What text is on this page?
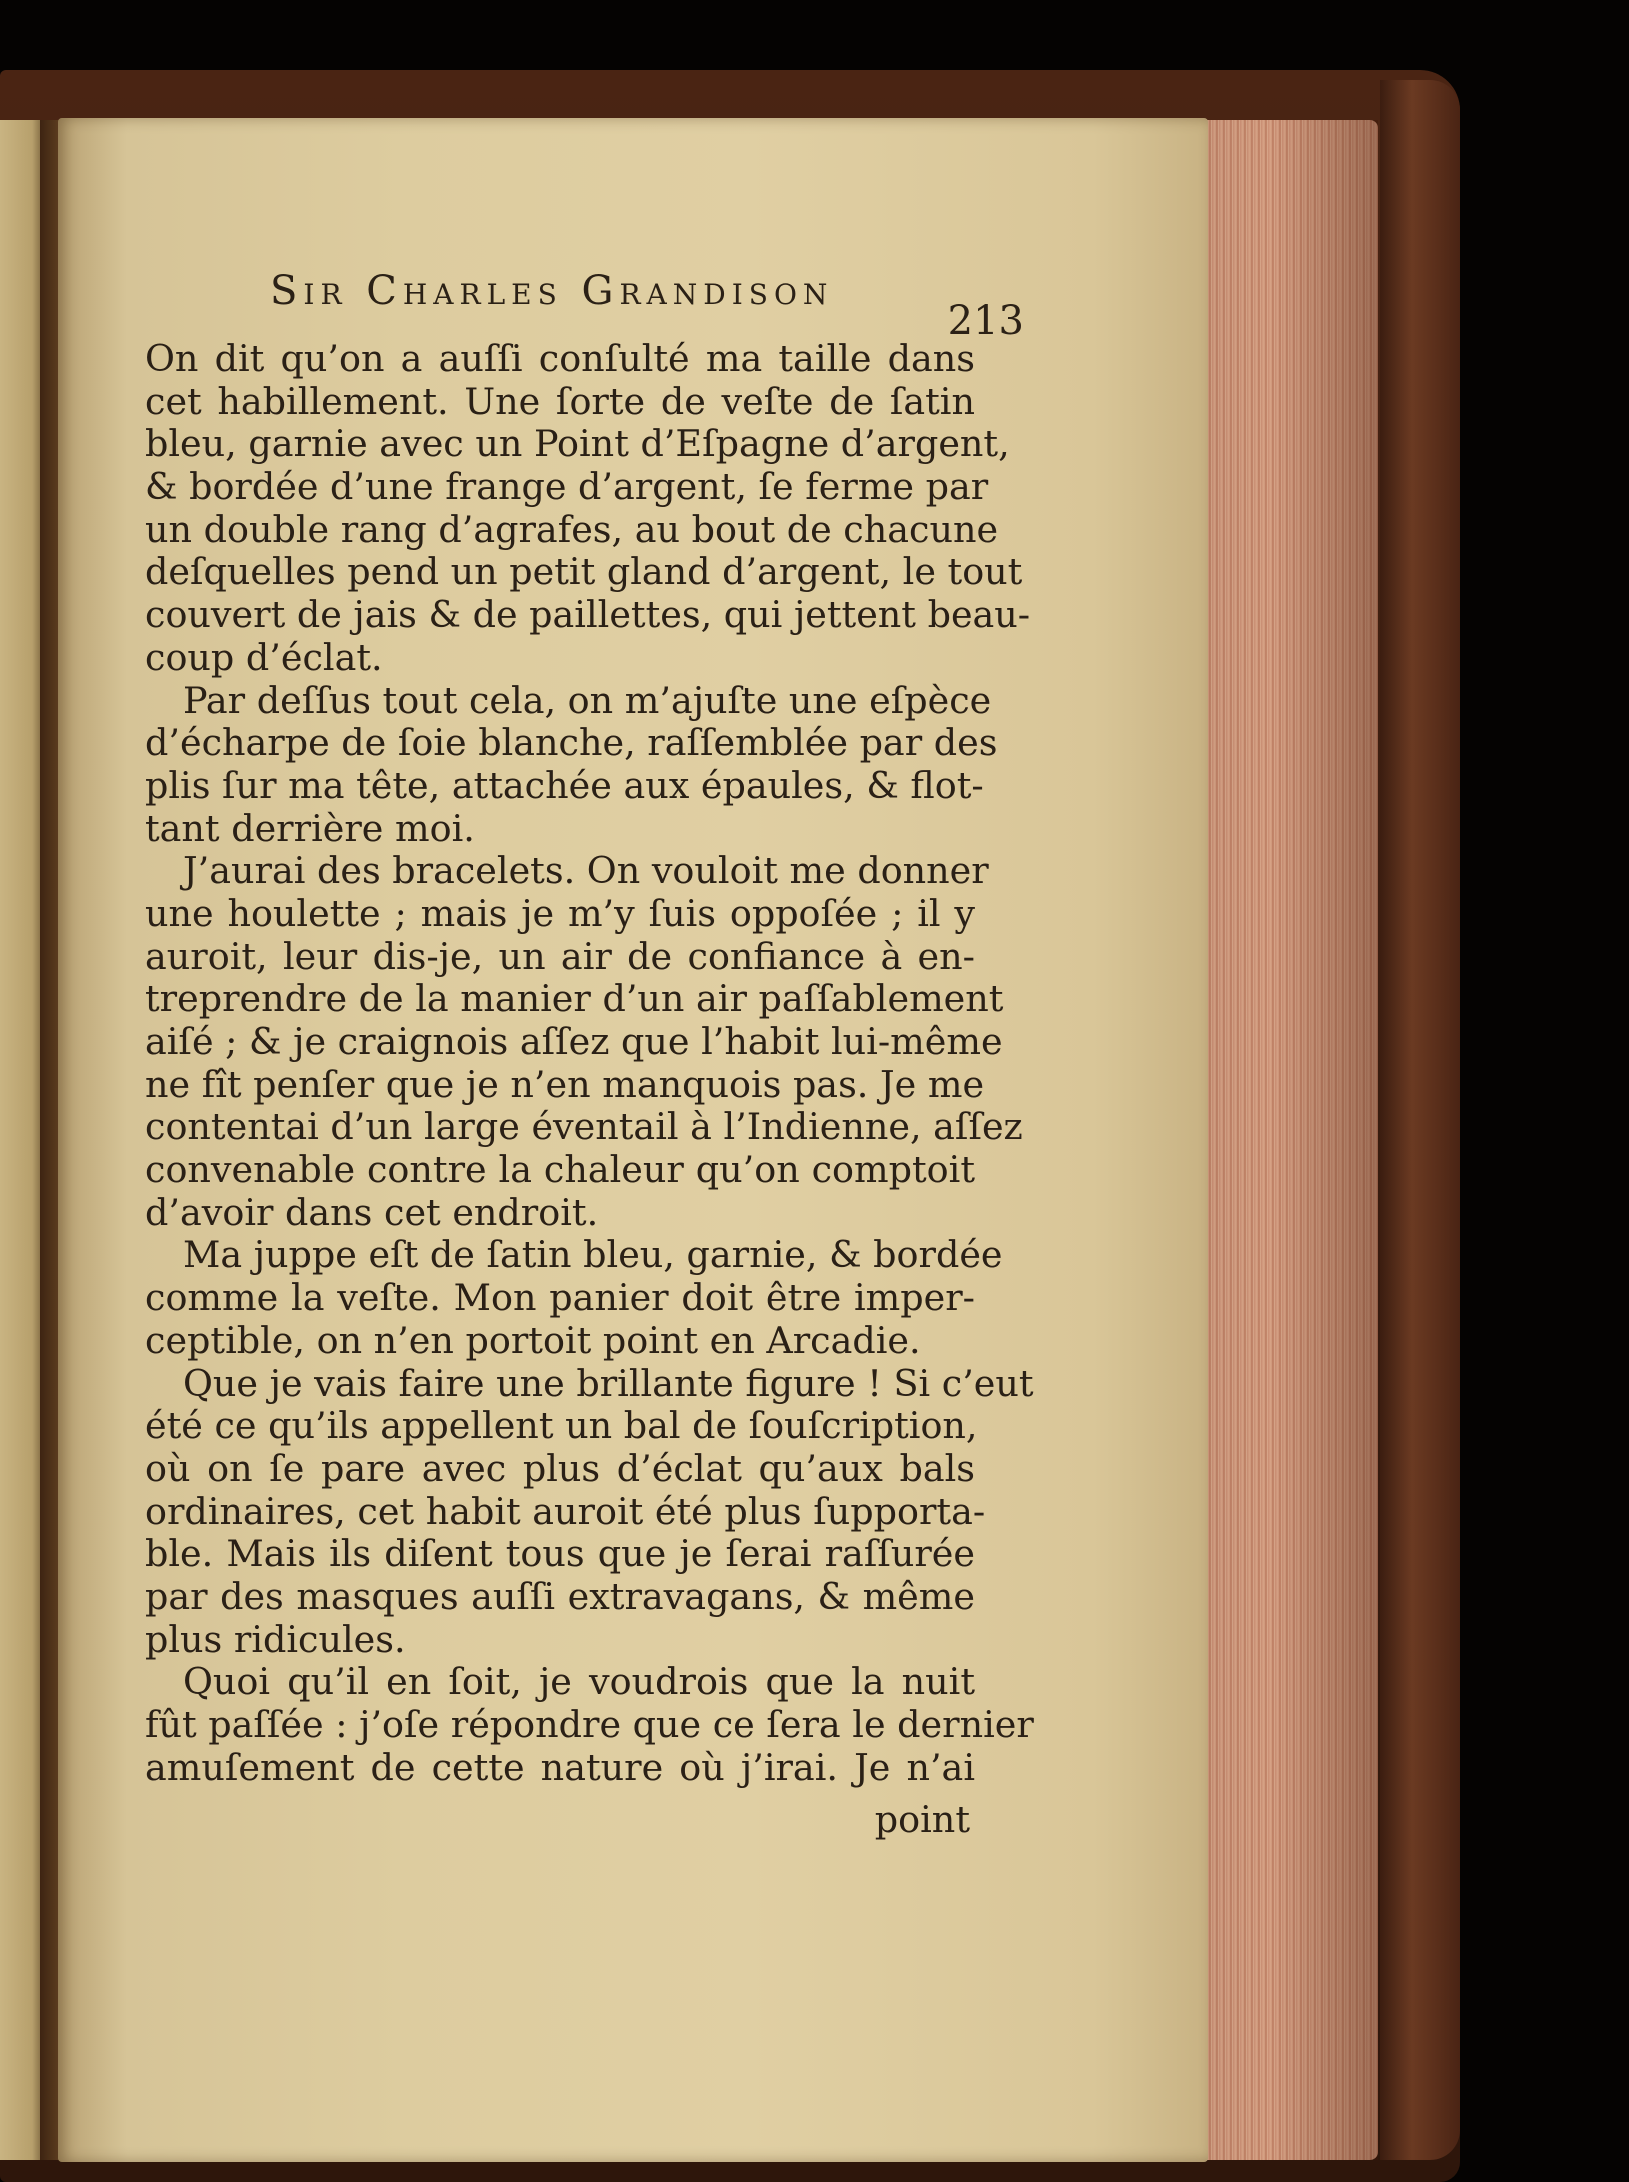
Sir Charles Grandison
213
On dit qu’on a auſſi conſulté ma taille dans
cet habillement. Une ſorte de veſte de ſatin
bleu, garnie avec un Point d’Eſpagne d’argent,
& bordée d’une frange d’argent, ſe ferme par
un double rang d’agrafes, au bout de chacune
deſquelles pend un petit gland d’argent, le tout
couvert de jais & de paillettes, qui jettent beau-
coup d’éclat.
Par deſſus tout cela, on m’ajuſte une eſpèce
d’écharpe de ſoie blanche, raſſemblée par des
plis ſur ma tête, attachée aux épaules, & flot-
tant derrière moi.
J’aurai des bracelets. On vouloit me donner
une houlette ; mais je m’y ſuis oppoſée ; il y
auroit, leur dis-je, un air de confiance à en-
treprendre de la manier d’un air paſſablement
aiſé ; & je craignois aſſez que l’habit lui-même
ne fît penſer que je n’en manquois pas. Je me
contentai d’un large éventail à l’Indienne, aſſez
convenable contre la chaleur qu’on comptoit
d’avoir dans cet endroit.
Ma juppe eſt de ſatin bleu, garnie, & bordée
comme la veſte. Mon panier doit être imper-
ceptible, on n’en portoit point en Arcadie.
Que je vais faire une brillante figure ! Si c’eut
été ce qu’ils appellent un bal de ſouſcription,
où on ſe pare avec plus d’éclat qu’aux bals
ordinaires, cet habit auroit été plus ſupporta-
ble. Mais ils diſent tous que je ſerai raſſurée
par des masques auſſi extravagans, & même
plus ridicules.
Quoi qu’il en ſoit, je voudrois que la nuit
fût paſſée : j’oſe répondre que ce ſera le dernier
amuſement de cette nature où j’irai. Je n’ai
point
